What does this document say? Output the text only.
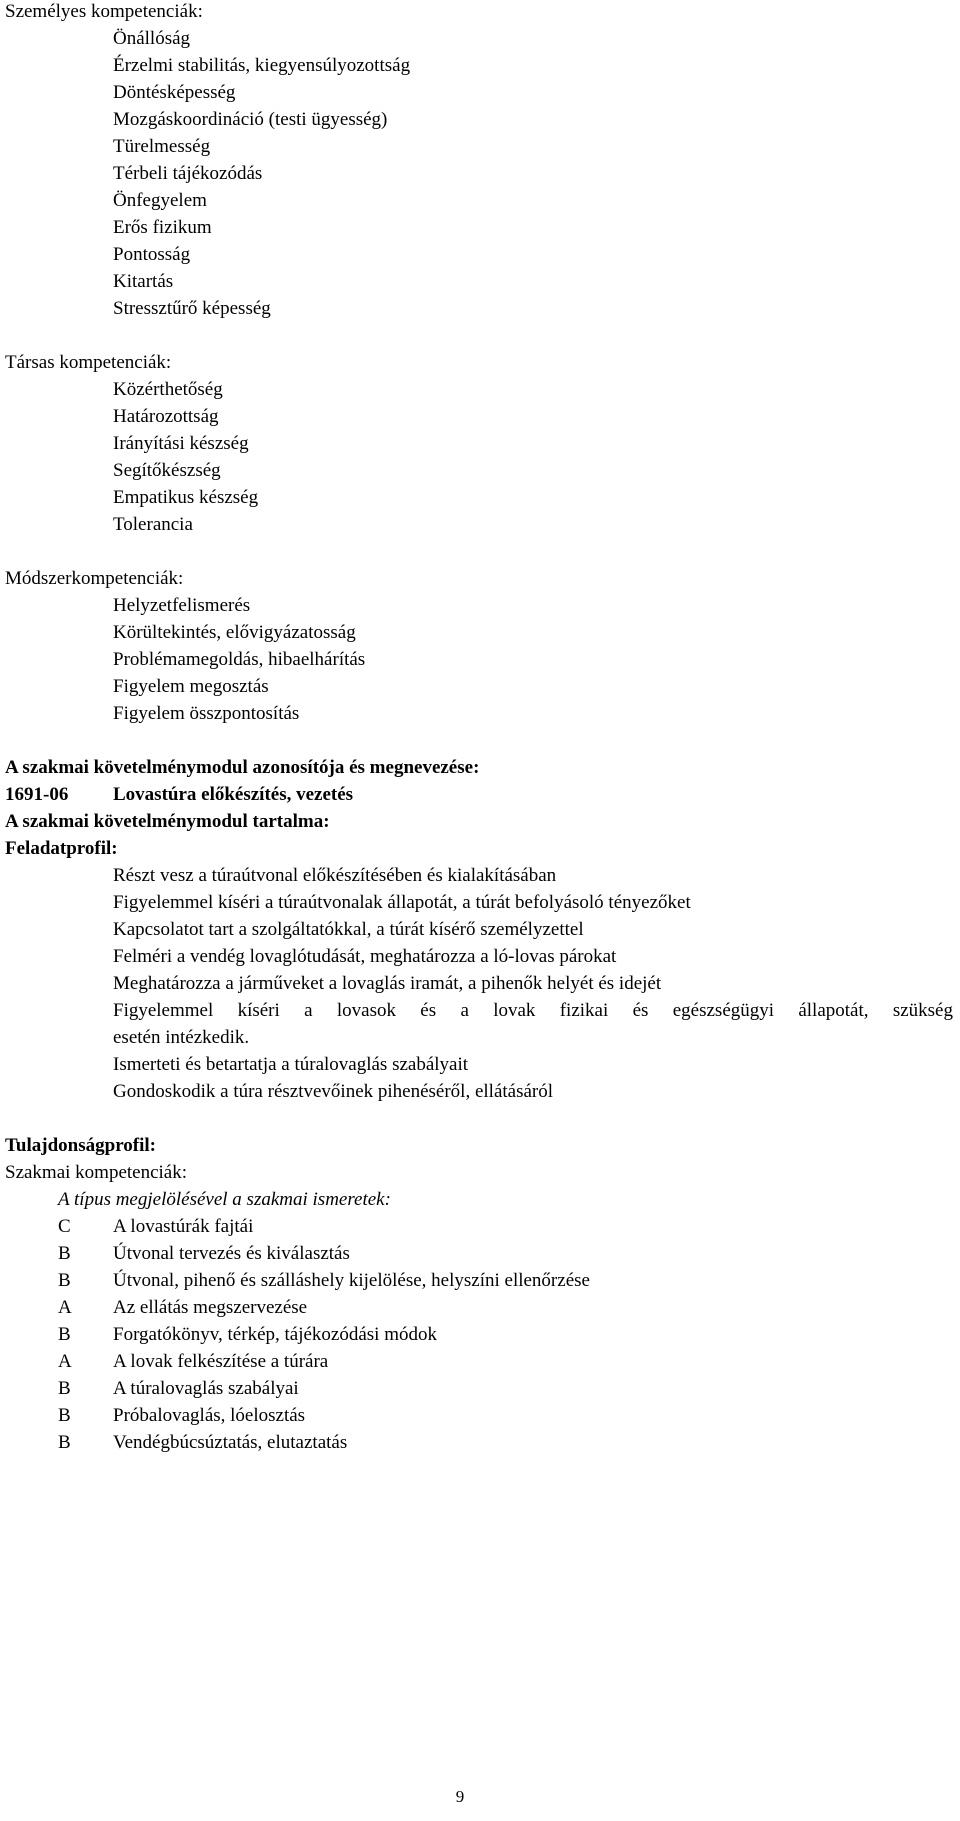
Személyes kompetenciák:
Önállóság
Érzelmi stabilitás, kiegyensúlyozottság
Döntésképesség
Mozgáskoordináció (testi ügyesség)
Türelmesség
Térbeli tájékozódás
Önfegyelem
Erős fizikum
Pontosság
Kitartás
Stressztűrő képesség
Társas kompetenciák:
Közérthetőség
Határozottság
Irányítási készség
Segítőkészség
Empatikus készség
Tolerancia
Módszerkompetenciák:
Helyzetfelismerés
Körültekintés, elővigyázatosság
Problémamegoldás, hibaelhárítás
Figyelem megosztás
Figyelem összpontosítás
A szakmai követelménymodul azonosítója és megnevezése:
1691-06 Lovastúra előkészítés, vezetés
A szakmai követelménymodul tartalma:
Feladatprofil:
Részt vesz a túraútvonal előkészítésében és kialakításában
Figyelemmel kíséri a túraútvonalak állapotát, a túrát befolyásoló tényezőket
Kapcsolatot tart a szolgáltatókkal, a túrát kísérő személyzettel
Felméri a vendég lovaglótudását, meghatározza a ló-lovas párokat
Meghatározza a járműveket a lovaglás iramát, a pihenők helyét és idejét
Figyelemmel kíséri a lovasok és a lovak fizikai és egészségügyi állapotát, szükség
esetén intézkedik.
Ismerteti és betartatja a túralovaglás szabályait
Gondoskodik a túra résztvevőinek pihenéséről, ellátásáról
Tulajdonságprofil:
Szakmai kompetenciák:
A típus megjelölésével a szakmai ismeretek:
C A lovastúrák fajtái
B Útvonal tervezés és kiválasztás
B Útvonal, pihenő és szálláshely kijelölése, helyszíni ellenőrzése
A Az ellátás megszervezése
B Forgatókönyv, térkép, tájékozódási módok
A A lovak felkészítése a túrára
B A túralovaglás szabályai
B Próbalovaglás, lóelosztás
B Vendégbúcsúztatás, elutaztatás
9
